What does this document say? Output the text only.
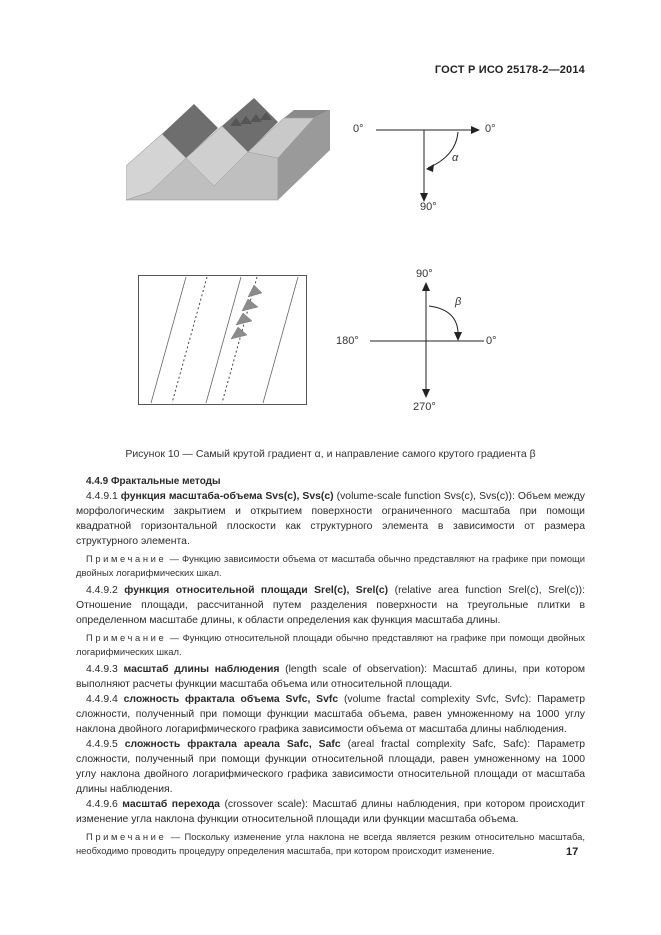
ГОСТ Р ИСО 25178-2—2014
0°	0°
90°
α
90°
180°	0°
270°
β
Рисунок 10 — Самый крутой градиент α, и направление самого крутого градиента β

4.4.9 Фрактальные методы

4.4.9.1 функция масштаба-объема Svs(c), Svs(c) (volume-scale function Svs(c), Svs(c)): Объем между морфологическим закрытием и открытием поверхности ограниченного масштаба при помощи квадратной горизонтальной плоскости как структурного элемента в зависимости от размера структурного элемента.

Примечание — Функцию зависимости объема от масштаба обычно представляют на графике при помощи двойных логарифмических шкал.

4.4.9.2 функция относительной площади Srel(c), Srel(c) (relative area function Srel(c), Srel(c)): Отношение площади, рассчитанной путем разделения поверхности на треугольные плитки в определенном масштабе длины, к области определения как функция масштаба длины.

Примечание — Функцию относительной площади обычно представляют на графике при помощи двойных логарифмических шкал.

4.4.9.3 масштаб длины наблюдения (length scale of observation): Масштаб длины, при котором выполняют расчеты функции масштаба объема или относительной площади.

4.4.9.4 сложность фрактала объема Svfc, Svfc (volume fractal complexity Svfc, Svfc): Параметр сложности, полученный при помощи функции масштаба объема, равен умноженному на 1000 углу наклона двойного логарифмического графика зависимости объема от масштаба длины наблюдения.

4.4.9.5 сложность фрактала ареала Safc, Safc (areal fractal complexity Safc, Safc): Параметр сложности, полученный при помощи функции относительной площади, равен умноженному на 1000 углу наклона двойного логарифмического графика зависимости относительной площади от масштаба длины наблюдения.

4.4.9.6 масштаб перехода (crossover scale): Масштаб длины наблюдения, при котором происходит изменение угла наклона функции относительной площади или функции масштаба объема.

Примечание — Поскольку изменение угла наклона не всегда является резким относительно масштаба, необходимо проводить процедуру определения масштаба, при котором происходит изменение.	17
